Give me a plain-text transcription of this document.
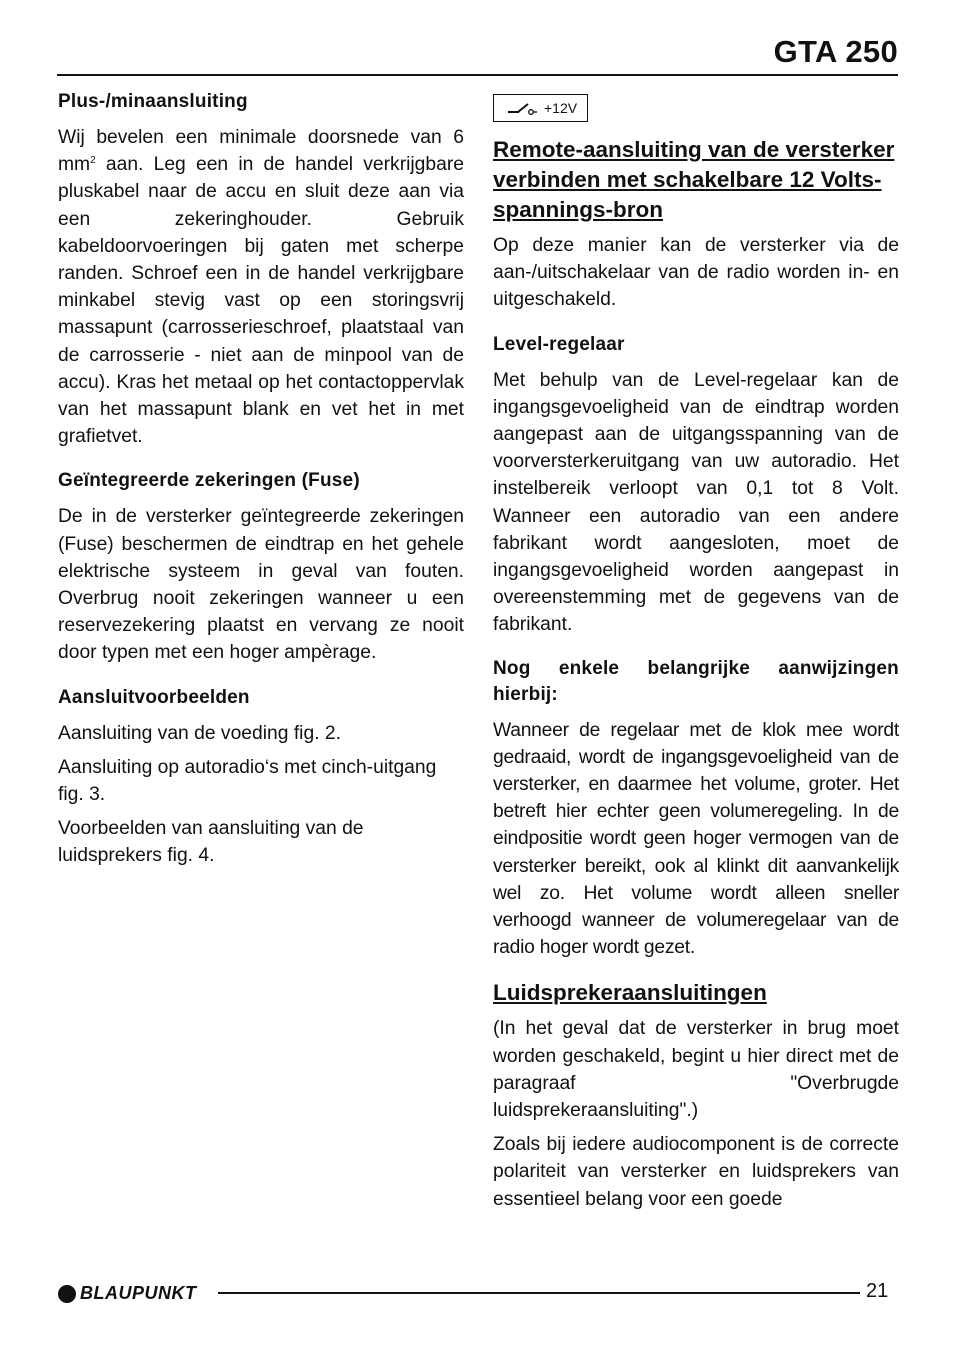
GTA 250
Plus-/minaansluiting

Wij bevelen een minimale doorsnede van 6 $mm^2$ aan. Leg een in de handel verkrijgbare pluskabel naar de accu en sluit deze aan via een zekeringhouder. Gebruik kabeldoorvoeringen bij gaten met scherpe randen. Schroef een in de handel verkrijgbare minkabel stevig vast op een storingsvrij massapunt (carrosserieschroef, plaatstaal van de carrosserie - niet aan de minpool van de accu). Kras het metaal op het contactoppervlak van het massapunt blank en vet het in met grafietvet.

Geïntegreerde zekeringen (Fuse)

De in de versterker geïntegreerde zekeringen (Fuse) beschermen de eindtrap en het gehele elektrische systeem in geval van fouten. Overbrug nooit zekeringen wanneer u een reservezekering plaatst en vervang ze nooit door typen met een hoger ampèrage.

Aansluitvoorbeelden

Aansluiting van de voeding fig. 2.

Aansluiting op autoradio‘s met cinch-uitgang fig. 3.

Voorbeelden van aansluiting van de luidsprekers fig. 4.

+12V
Remote-aansluiting van de versterker verbinden met schakelbare 12 Volts-spannings-bron

Op deze manier kan de versterker via de aan-/uitschakelaar van de radio worden in- en uitgeschakeld.

Level-regelaar

Met behulp van de Level-regelaar kan de ingangsgevoeligheid van de eindtrap worden aangepast aan de uitgangsspanning van de voorversterkeruitgang van uw autoradio. Het instelbereik verloopt van 0,1 tot 8 Volt. Wanneer een autoradio van een andere fabrikant wordt aangesloten, moet de ingangsgevoeligheid worden aangepast in overeenstemming met de gegevens van de fabrikant.

Nog enkele belangrijke aanwijzingen hierbij:

Wanneer de regelaar met de klok mee wordt gedraaid, wordt de ingangsgevoeligheid van de versterker, en daarmee het volume, groter. Het betreft hier echter geen volumeregeling. In de eindpositie wordt geen hoger vermogen van de versterker bereikt, ook al klinkt dit aanvankelijk wel zo. Het volume wordt alleen sneller verhoogd wanneer de volumeregelaar van de radio hoger wordt gezet.

Luidsprekeraansluitingen

(In het geval dat de versterker in brug moet worden geschakeld, begint u hier direct met de paragraaf "Overbrugde luidsprekeraansluiting".)

Zoals bij iedere audiocomponent is de correcte polariteit van versterker en luidsprekers van essentieel belang voor een goede

BLAUPUNKT	21
